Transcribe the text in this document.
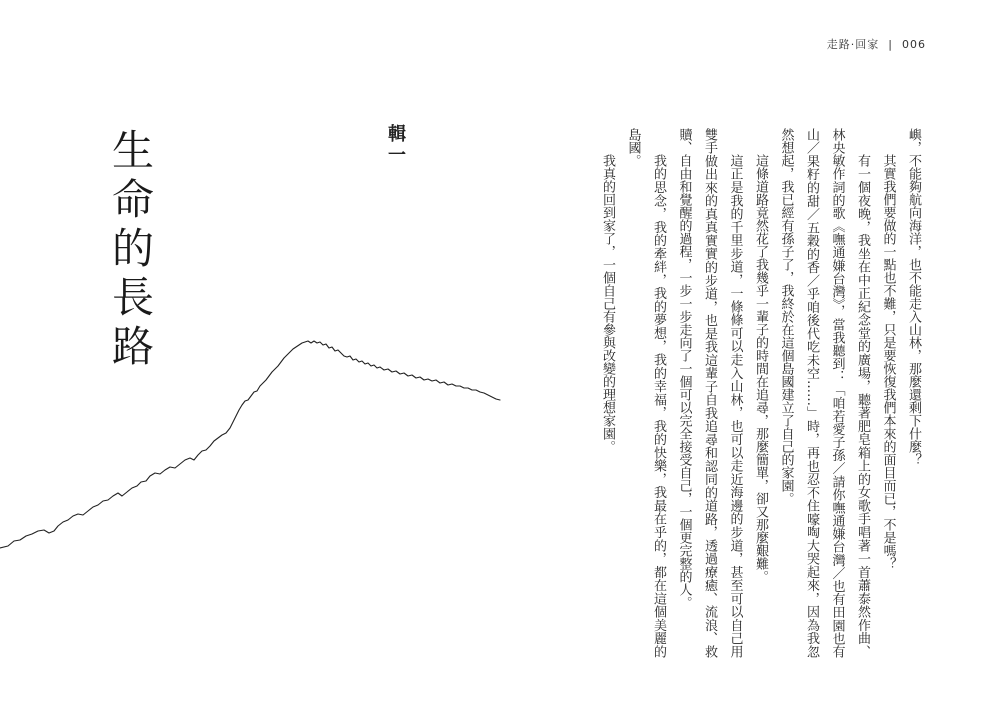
走路‧回家 | 006

嶼，不能夠航向海洋，也不能走入山林，那麼還剩下什麼？

其實我們要做的一點也不難，只是要恢復我們本來的面目而已，不是嗎？

有一個夜晚，我坐在中正紀念堂的廣場，聽著肥皂箱上的女歌手唱著一首蕭泰然作曲、林央敏作詞的歌《嘸通嫌台灣》，當我聽到：「咱若愛子孫／請你嘸通嫌台灣／也有田園也有山／果籽的甜／五穀的香／乎咱後代吃未空……」時，再也忍不住嚎啕大哭起來，因為我忽然想起，我已經有孫子了，我終於在這個島國建立了自己的家園。

這條道路竟然花了我幾乎一輩子的時間在追尋，那麼簡單，卻又那麼艱難。

這正是我的千里步道，一條條可以走入山林，也可以走近海邊的步道，甚至可以自己用雙手做出來的真真實實的步道，也是我這輩子自我追尋和認同的道路，透過療癒、流浪、救贖、自由和覺醒的過程，一步一步走向了一個可以完全接受自己，一個更完整的人。

我的思念，我的牽絆，我的夢想，我的幸福，我的快樂，我最在乎的，都在這個美麗的島國。

我真的回到家了，一個自己有參與改變的理想家園。

輯一
生命的長路
